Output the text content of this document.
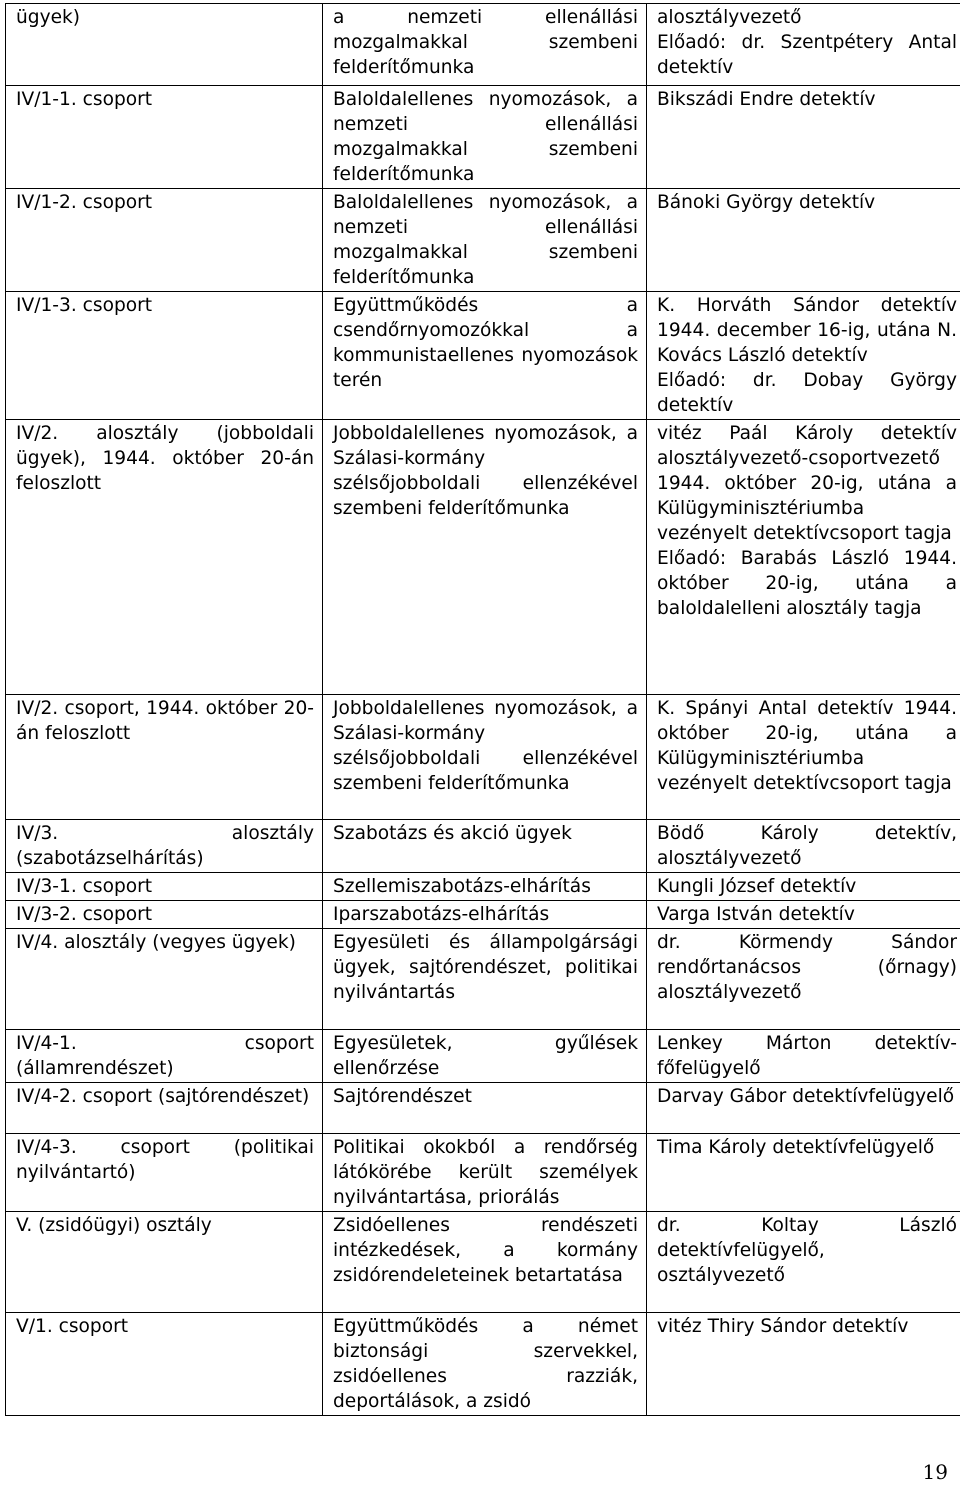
ügyek)	a nemzeti ellenállási mozgalmakkal szembeni felderítőmunka	alosztályvezető
Előadó: dr. Szentpétery Antal detektív

IV/1-1. csoport	Baloldalellenes nyomozások, a nemzeti ellenállási mozgalmakkal szembeni felderítőmunka	Bikszádi Endre detektív

IV/1-2. csoport	Baloldalellenes nyomozások, a nemzeti ellenállási mozgalmakkal szembeni felderítőmunka	Bánoki György detektív

IV/1-3. csoport	Együttműködés a csendőrnyomozókkal a kommunistaellenes nyomozások terén	K. Horváth Sándor detektív 1944. december 16-ig, utána N. Kovács László detektív
Előadó: dr. Dobay György detektív

IV/2. alosztály (jobboldali ügyek), 1944. október 20-án feloszlott	Jobboldalellenes nyomozások, a Szálasi-kormány szélsőjobboldali ellenzékével szembeni felderítőmunka	vitéz Paál Károly detektív alosztályvezető-csoportvezető 1944. október 20-ig, utána a Külügyminisztériumba vezényelt detektívcsoport tagja
Előadó: Barabás László 1944. október 20-ig, utána a baloldalelleni alosztály tagja

IV/2. csoport, 1944. október 20-án feloszlott	Jobboldalellenes nyomozások, a Szálasi-kormány szélsőjobboldali ellenzékével szembeni felderítőmunka	K. Spányi Antal detektív 1944. október 20-ig, utána a Külügyminisztériumba vezényelt detektívcsoport tagja

IV/3. alosztály (szabotázselhárítás)	Szabotázs és akció ügyek	Bödő Károly detektív, alosztályvezető

IV/3-1. csoport	Szellemiszabotázs-elhárítás	Kungli József detektív

IV/3-2. csoport	Iparszabotázs-elhárítás	Varga István detektív

IV/4. alosztály (vegyes ügyek)	Egyesületi és állampolgársági ügyek, sajtórendészet, politikai nyilvántartás	dr. Körmendy Sándor rendőrtanácsos (őrnagy) alosztályvezető

IV/4-1. csoport (államrendészet)	Egyesületek, gyűlések ellenőrzése	Lenkey Márton detektív-főfelügyelő

IV/4-2. csoport (sajtórendészet)	Sajtórendészet	Darvay Gábor detektívfelügyelő

IV/4-3. csoport (politikai nyilvántartó)	Politikai okokból a rendőrség látókörébe került személyek nyilvántartása, priorálás	Tima Károly detektívfelügyelő

V. (zsidóügyi) osztály	Zsidóellenes rendészeti intézkedések, a kormány zsidórendeleteinek betartatása	dr. Koltay László detektívfelügyelő, osztályvezető

V/1. csoport	Együttműködés a német biztonsági szervekkel, zsidóellenes razziák, deportálások, a zsidó	vitéz Thiry Sándor detektív
19
